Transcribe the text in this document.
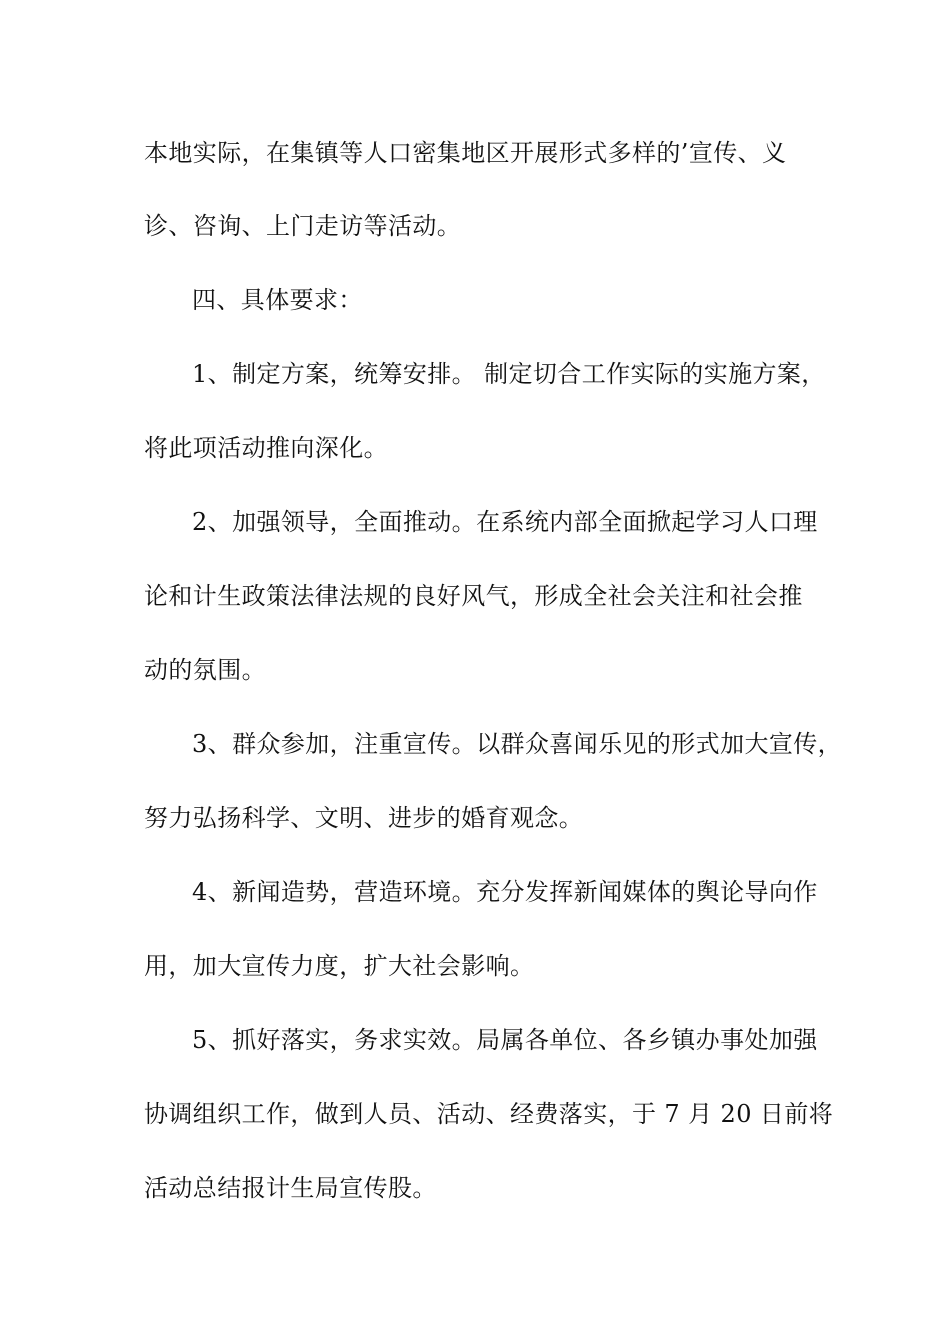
本地实际，在集镇等人口密集地区开展形式多样的’宣传、义
诊、咨询、上门走访等活动。
四、具体要求：
1、制定方案，统筹安排。 制定切合工作实际的实施方案，
将此项活动推向深化。
2、加强领导，全面推动。在系统内部全面掀起学习人口理
论和计生政策法律法规的良好风气，形成全社会关注和社会推
动的氛围。
3、群众参加，注重宣传。以群众喜闻乐见的形式加大宣传，
努力弘扬科学、文明、进步的婚育观念。
4、新闻造势，营造环境。充分发挥新闻媒体的舆论导向作
用，加大宣传力度，扩大社会影响。
5、抓好落实，务求实效。局属各单位、各乡镇办事处加强
协调组织工作，做到人员、活动、经费落实，于 7 月 20 日前将
活动总结报计生局宣传股。
